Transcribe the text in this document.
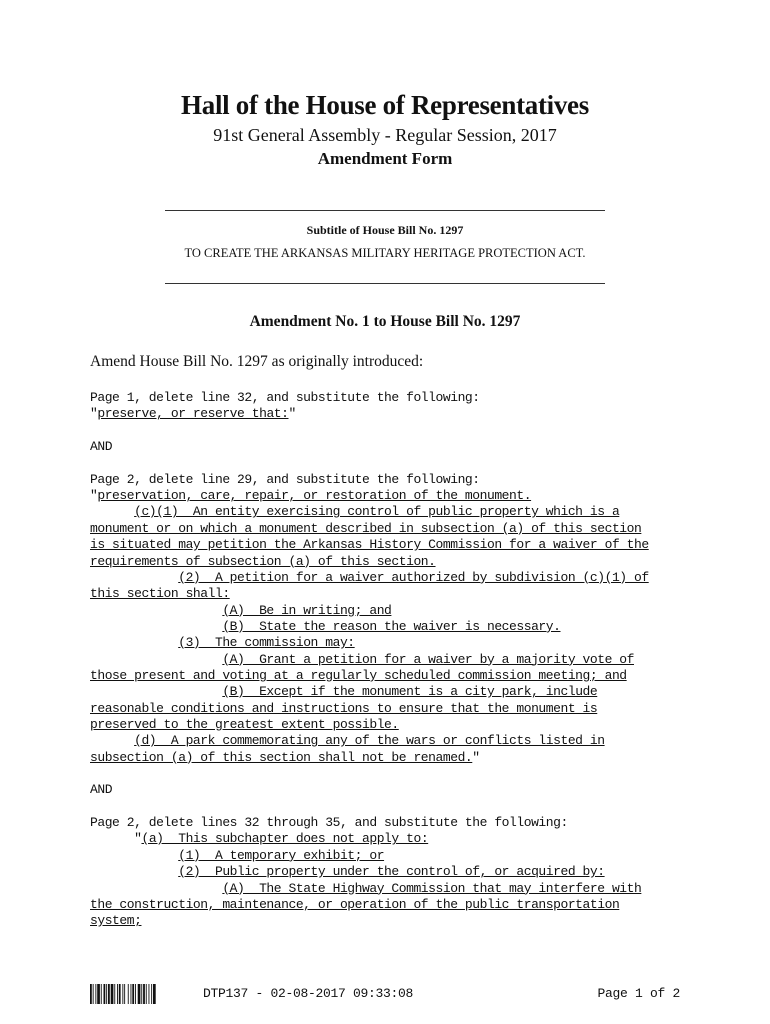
Hall of the House of Representatives
91st General Assembly - Regular Session, 2017
Amendment Form
Subtitle of House Bill No. 1297
TO CREATE THE ARKANSAS MILITARY HERITAGE PROTECTION ACT.
Amendment No. 1 to House Bill No. 1297
Amend House Bill No. 1297 as originally introduced:
Page 1, delete line 32, and substitute the following:
"preserve, or reserve that:"
AND
Page 2, delete line 29, and substitute the following:
"preservation, care, repair, or restoration of the monument.
(c)(1)  An entity exercising control of public property which is a
monument or on which a monument described in subsection (a) of this section
is situated may petition the Arkansas History Commission for a waiver of the
requirements of subsection (a) of this section.
(2)  A petition for a waiver authorized by subdivision (c)(1) of
this section shall:
(A)  Be in writing; and
(B)  State the reason the waiver is necessary.
(3)  The commission may:
(A)  Grant a petition for a waiver by a majority vote of
those present and voting at a regularly scheduled commission meeting; and
(B)  Except if the monument is a city park, include
reasonable conditions and instructions to ensure that the monument is
preserved to the greatest extent possible.
(d)  A park commemorating any of the wars or conflicts listed in
subsection (a) of this section shall not be renamed."
AND
Page 2, delete lines 32 through 35, and substitute the following:
"(a)  This subchapter does not apply to:
(1)  A temporary exhibit; or
(2)  Public property under the control of, or acquired by:
(A)  The State Highway Commission that may interfere with
the construction, maintenance, or operation of the public transportation
system;
DTP137 - 02-08-2017 09:33:08	Page 1 of 2
